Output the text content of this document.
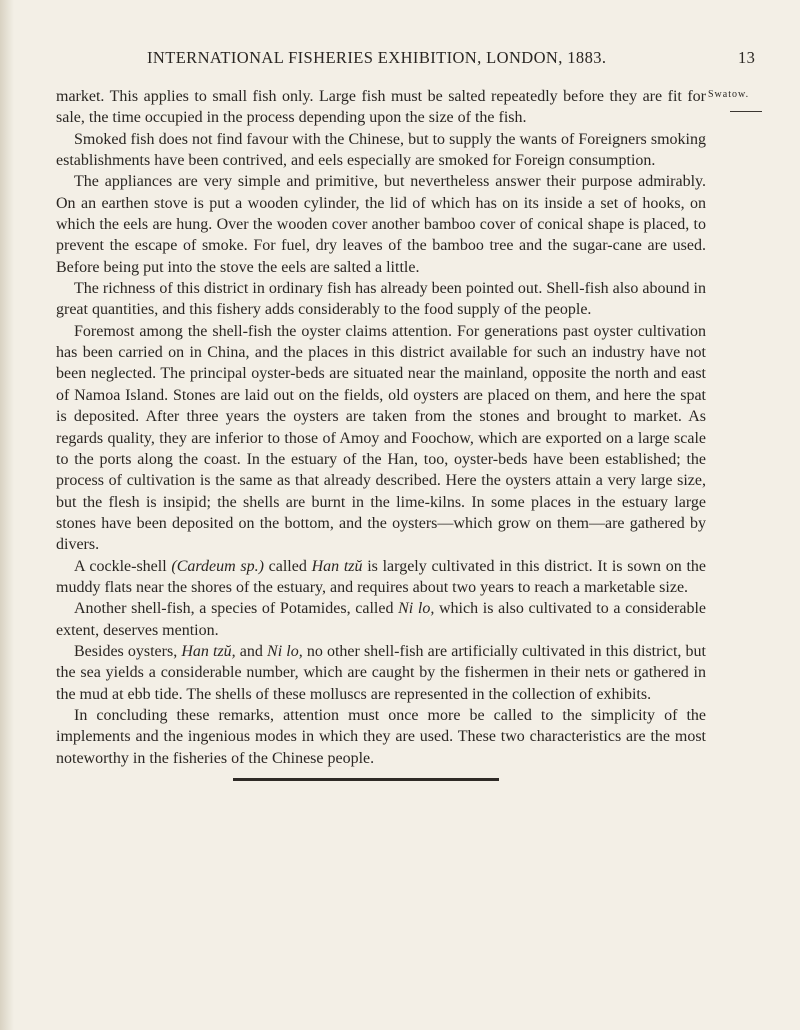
INTERNATIONAL FISHERIES EXHIBITION, LONDON, 1883.	13
Swatow.

market. This applies to small fish only. Large fish must be salted repeatedly before they are fit for sale, the time occupied in the process depending upon the size of the fish.

Smoked fish does not find favour with the Chinese, but to supply the wants of Foreigners smoking establishments have been contrived, and eels especially are smoked for Foreign consumption.

The appliances are very simple and primitive, but nevertheless answer their purpose admirably. On an earthen stove is put a wooden cylinder, the lid of which has on its inside a set of hooks, on which the eels are hung. Over the wooden cover another bamboo cover of conical shape is placed, to prevent the escape of smoke. For fuel, dry leaves of the bamboo tree and the sugar-cane are used. Before being put into the stove the eels are salted a little.

The richness of this district in ordinary fish has already been pointed out. Shell-fish also abound in great quantities, and this fishery adds considerably to the food supply of the people.

Foremost among the shell-fish the oyster claims attention. For generations past oyster cultivation has been carried on in China, and the places in this district available for such an industry have not been neglected. The principal oyster-beds are situated near the mainland, opposite the north and east of Namoa Island. Stones are laid out on the fields, old oysters are placed on them, and here the spat is deposited. After three years the oysters are taken from the stones and brought to market. As regards quality, they are inferior to those of Amoy and Foochow, which are exported on a large scale to the ports along the coast. In the estuary of the Han, too, oyster-beds have been established; the process of cultivation is the same as that already described. Here the oysters attain a very large size, but the flesh is insipid; the shells are burnt in the lime-kilns. In some places in the estuary large stones have been deposited on the bottom, and the oysters—which grow on them—are gathered by divers.

A cockle-shell (Cardeum sp.) called Han tzŭ is largely cultivated in this district. It is sown on the muddy flats near the shores of the estuary, and requires about two years to reach a marketable size.

Another shell-fish, a species of Potamides, called Ni lo, which is also cultivated to a considerable extent, deserves mention.

Besides oysters, Han tzŭ, and Ni lo, no other shell-fish are artificially cultivated in this district, but the sea yields a considerable number, which are caught by the fishermen in their nets or gathered in the mud at ebb tide. The shells of these molluscs are represented in the collection of exhibits.

In concluding these remarks, attention must once more be called to the simplicity of the implements and the ingenious modes in which they are used. These two characteristics are the most noteworthy in the fisheries of the Chinese people.
